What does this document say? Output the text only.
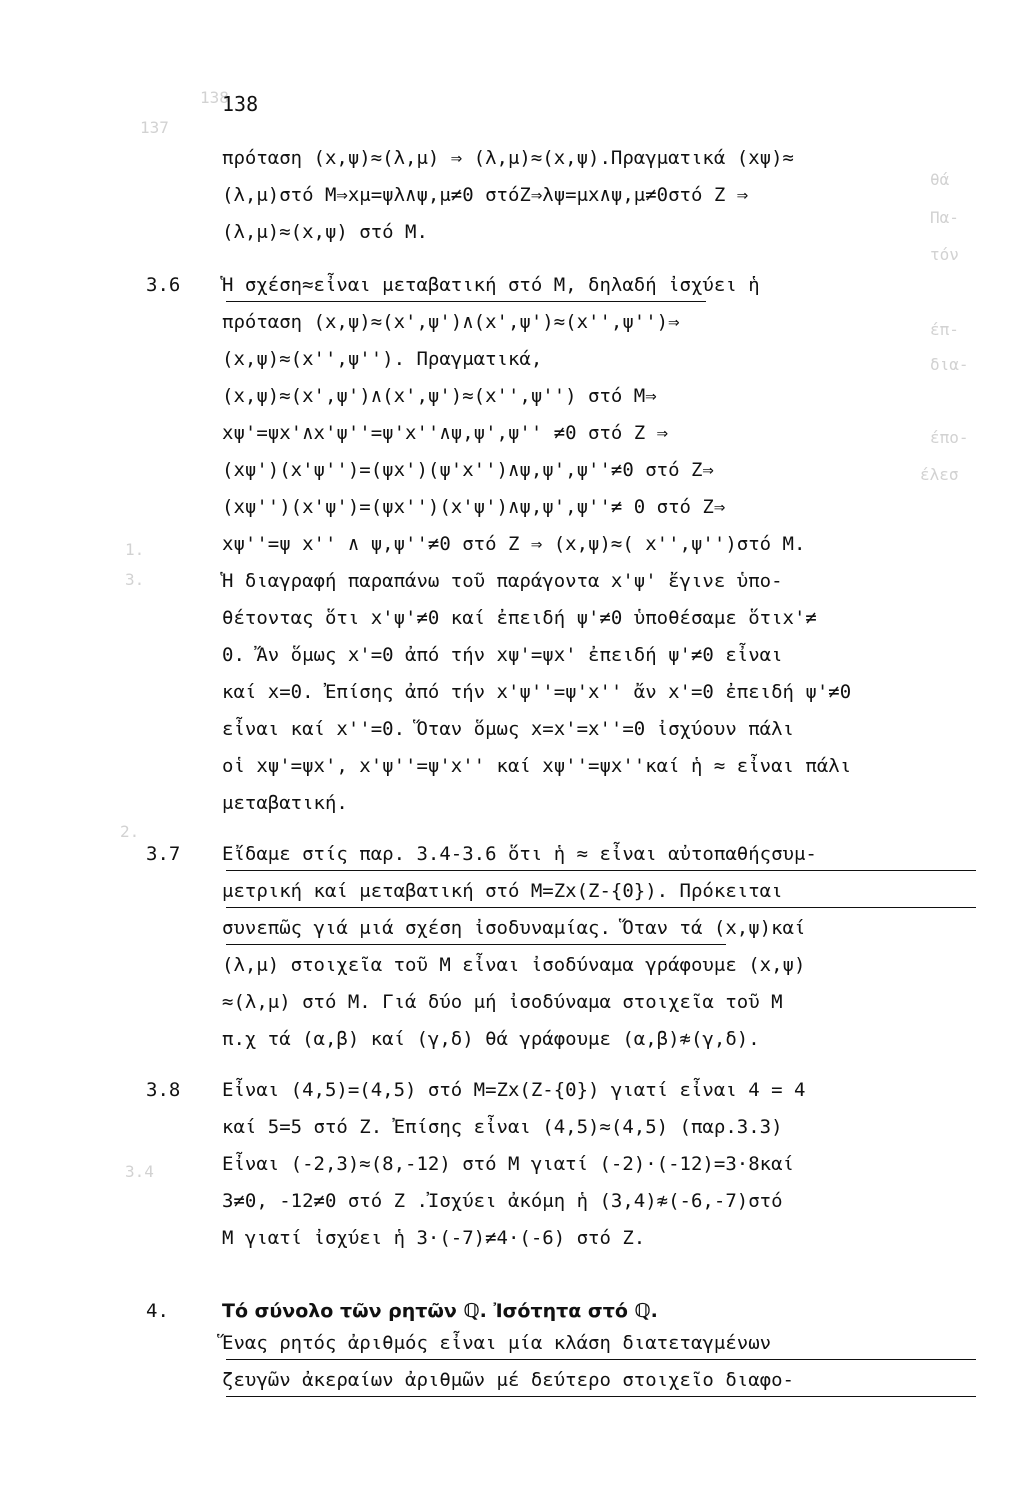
138
137
θά
Πα-
τόν
έπ-
δια-
έπο-
έλεσ
1.
3.
2.
3.4
138
πρόταση (x,ψ)≈(λ,μ) ⇒ (λ,μ)≈(x,ψ).Πραγματικά (xψ)≈
(λ,μ)στό M⇒xμ=ψλ∧ψ,μ≠0 στόZ⇒λψ=μx∧ψ,μ≠0στό Z ⇒
(λ,μ)≈(x,ψ) στό M.
3.6 Ἡ σχέση≈εἶναι μεταβατική στό M, δηλαδή ἰσχύει ἡ
πρόταση (x,ψ)≈(x',ψ')∧(x',ψ')≈(x'',ψ'')⇒
(x,ψ)≈(x'',ψ''). Πραγματικά,
(x,ψ)≈(x',ψ')∧(x',ψ')≈(x'',ψ'') στό M⇒
xψ'=ψx'∧x'ψ''=ψ'x''∧ψ,ψ',ψ'' ≠0 στό Z ⇒
(xψ')(x'ψ'')=(ψx')(ψ'x'')∧ψ,ψ',ψ''≠0 στό Z⇒
(xψ'')(x'ψ')=(ψx'')(x'ψ')∧ψ,ψ',ψ''≠ 0 στό Z⇒
xψ''=ψ x'' ∧ ψ,ψ''≠0 στό Z ⇒ (x,ψ)≈( x'',ψ'')στό M.
Ἡ διαγραφή παραπάνω τοῦ παράγοντα x'ψ' ἔγινε ὑπο-
θέτοντας ὅτι x'ψ'≠0 καί ἐπειδή ψ'≠0 ὑποθέσαμε ὅτιx'≠
0. Ἄν ὅμως x'=0 ἀπό τήν xψ'=ψx' ἐπειδή ψ'≠0 εἶναι
καί x=0. Ἐπίσης ἀπό τήν x'ψ''=ψ'x'' ἄν x'=0 ἐπειδή ψ'≠0
εἶναι καί x''=0. Ὅταν ὅμως x=x'=x''=0 ἰσχύουν πάλι
οἱ xψ'=ψx', x'ψ''=ψ'x'' καί xψ''=ψx''καί ἡ ≈ εἶναι πάλι
μεταβατική.
3.7 Εἴδαμε στίς παρ. 3.4-3.6 ὅτι ἡ ≈ εἶναι αὐτοπαθήςσυμ-
μετρική καί μεταβατική στό M=Zx(Z-{0}). Πρόκειται
συνεπῶς γιά μιά σχέση ἰσοδυναμίας. Ὅταν τά (x,ψ)καί
(λ,μ) στοιχεῖα τοῦ M εἶναι ἰσοδύναμα γράφουμε (x,ψ)
≈(λ,μ) στό M. Γιά δύο μή ἰσοδύναμα στοιχεῖα τοῦ M
π.χ τά (α,β) καί (γ,δ) θά γράφουμε (α,β)≉(γ,δ).
3.8 Εἶναι (4,5)=(4,5) στό M=Zx(Z-{0}) γιατί εἶναι 4 = 4
καί 5=5 στό Z. Ἐπίσης εἶναι (4,5)≈(4,5) (παρ.3.3)
Εἶναι (-2,3)≈(8,-12) στό M γιατί (-2)·(-12)=3·8καί
3≠0, -12≠0 στό Z .Ἰσχύει ἀκόμη ἡ (3,4)≉(-6,-7)στό
M γιατί ἰσχύει ἡ 3·(-7)≠4·(-6) στό Z.
4.	Τό σύνολο τῶν ρητῶν ℚ. Ἰσότητα στό ℚ.
Ἕνας ρητός ἀριθμός εἶναι μία κλάση διατεταγμένων
ζευγῶν ἀκεραίων ἀριθμῶν μέ δεύτερο στοιχεῖο διαφο-
